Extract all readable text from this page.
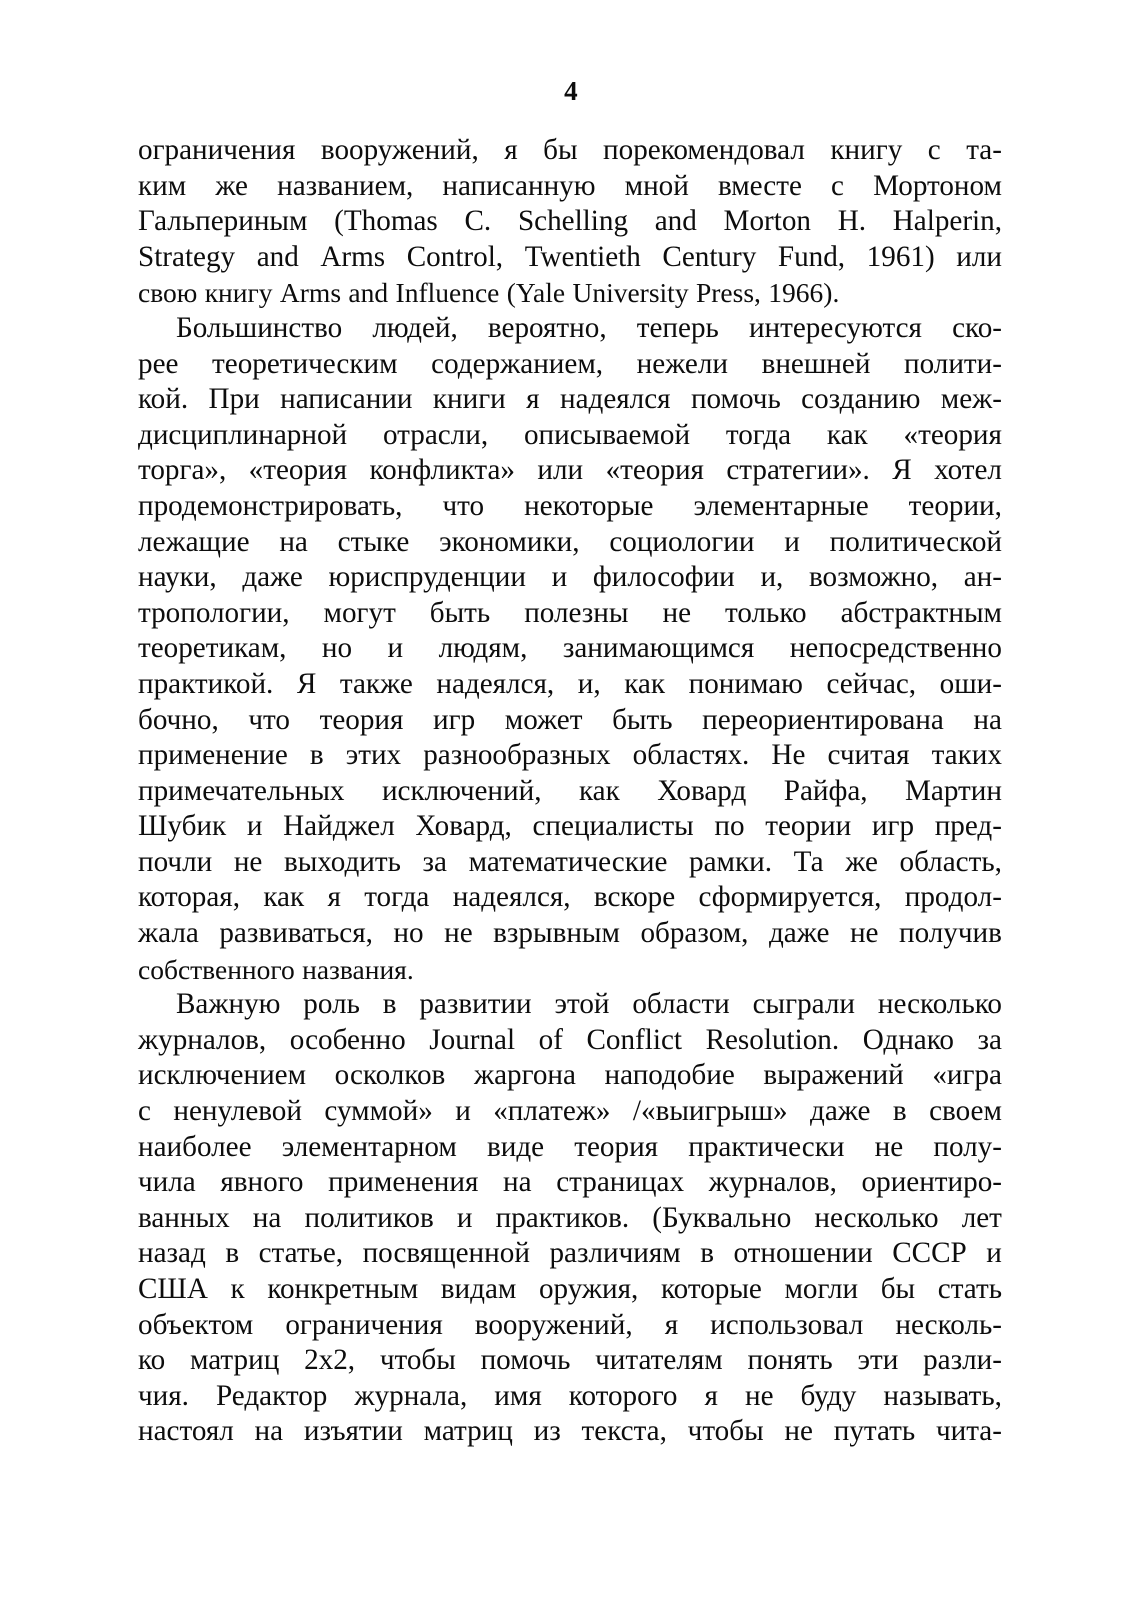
4
ограничения вооружений, я бы порекомендовал книгу с та-
ким же названием, написанную мной вместе с Мортоном
Гальпериным (Thomas C. Schelling and Morton H. Halperin,
Strategy and Arms Control, Twentieth Century Fund, 1961) или
свою книгу Arms and Influence (Yale University Press, 1966).
Большинство людей, вероятно, теперь интересуются ско-
рее теоретическим содержанием, нежели внешней полити-
кой. При написании книги я надеялся помочь созданию меж-
дисциплинарной отрасли, описываемой тогда как «теория
торга», «теория конфликта» или «теория стратегии». Я хотел
продемонстрировать, что некоторые элементарные теории,
лежащие на стыке экономики, социологии и политической
науки, даже юриспруденции и философии и, возможно, ан-
тропологии, могут быть полезны не только абстрактным
теоретикам, но и людям, занимающимся непосредственно
практикой. Я также надеялся, и, как понимаю сейчас, оши-
бочно, что теория игр может быть переориентирована на
применение в этих разнообразных областях. Не считая таких
примечательных исключений, как Ховард Райфа, Мартин
Шубик и Найджел Ховард, специалисты по теории игр пред-
почли не выходить за математические рамки. Та же область,
которая, как я тогда надеялся, вскоре сформируется, продол-
жала развиваться, но не взрывным образом, даже не получив
собственного названия.
Важную роль в развитии этой области сыграли несколько
журналов, особенно Journal of Conflict Resolution. Однако за
исключением осколков жаргона наподобие выражений «игра
с ненулевой суммой» и «платеж» /«выигрыш» даже в своем
наиболее элементарном виде теория практически не полу-
чила явного применения на страницах журналов, ориентиро-
ванных на политиков и практиков. (Буквально несколько лет
назад в статье, посвященной различиям в отношении СССР и
США к конкретным видам оружия, которые могли бы стать
объектом ограничения вооружений, я использовал несколь-
ко матриц 2х2, чтобы помочь читателям понять эти разли-
чия. Редактор журнала, имя которого я не буду называть,
настоял на изъятии матриц из текста, чтобы не путать чита-
